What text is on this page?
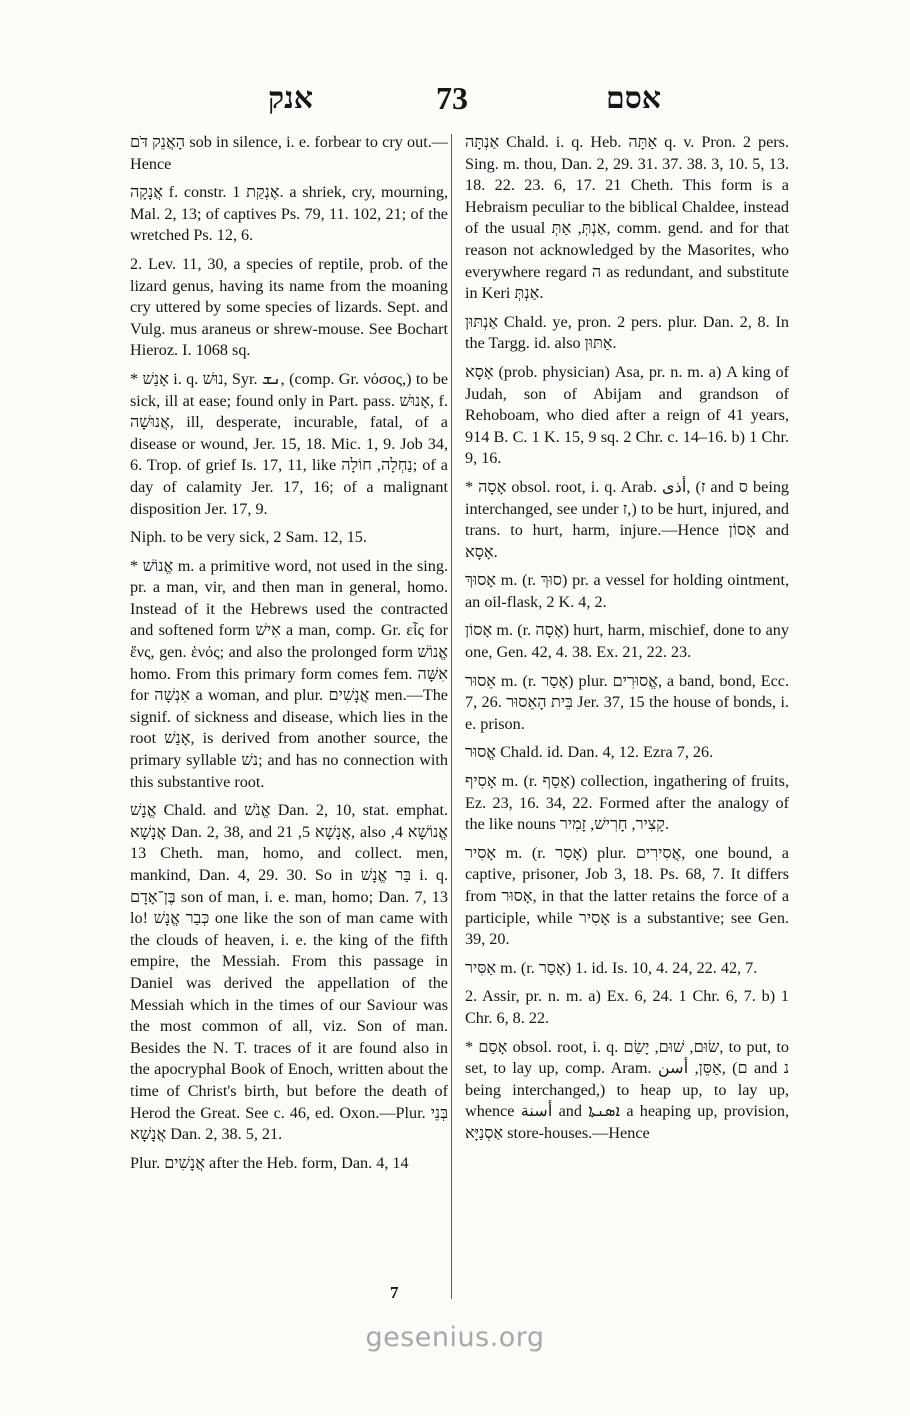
אנק	73	אסם

הָאֲנֵק דֹּם sob in silence, i. e. forbear to cry out.—Hence

אֲנָקָה f. constr. אֶנְקַת 1. a shriek, cry, mourning, Mal. 2, 13; of captives Ps. 79, 11. 102, 21; of the wretched Ps. 12, 6.

2. Lev. 11, 30, a species of reptile, prob. of the lizard genus, having its name from the moaning cry uttered by some species of lizards. Sept. and Vulg. mus araneus or shrew-mouse. See Bochart Hieroz. I. 1068 sq.

* אָנַשׁ i. q. נוּשׁ, Syr. ܢܫ, (comp. Gr. νόσος,) to be sick, ill at ease; found only in Part. pass. אָנוּשׁ, f. אֲנוּשָׁה, ill, desperate, incurable, fatal, of a disease or wound, Jer. 15, 18. Mic. 1, 9. Job 34, 6. Trop. of grief Is. 17, 11, like נַחְלָה, חוֹלָה; of a day of calamity Jer. 17, 16; of a malignant disposition Jer. 17, 9.

Niph. to be very sick, 2 Sam. 12, 15.

* אֱנוֹשׁ m. a primitive word, not used in the sing. pr. a man, vir, and then man in general, homo. Instead of it the Hebrews used the contracted and softened form אִישׁ a man, comp. Gr. εἷς for ἕνς, gen. ἑνός; and also the prolonged form אֱנוֹשׁ homo. From this primary form comes fem. אִשָּׁה for אִנְשָׁה a woman, and plur. אֲנָשִׁים men.—The signif. of sickness and disease, which lies in the root אָנַשׁ, is derived from another source, the primary syllable נשׁ; and has no connection with this substantive root.

אֱנָשׁ Chald. and אֱנֹשׁ Dan. 2, 10, stat. emphat. אֲנָשָׁא Dan. 2, 38, and אֲנָשָׁא 5, 21, also אֱנוֹשָׁא 4, 13 Cheth. man, homo, and collect. men, mankind, Dan. 4, 29. 30. So in בַּר אֱנָשׁ i. q. בֶּן־אָדָם son of man, i. e. man, homo; Dan. 7, 13 lo! כְּבַר אֱנָשׁ one like the son of man came with the clouds of heaven, i. e. the king of the fifth empire, the Messiah. From this passage in Daniel was derived the appellation of the Messiah which in the times of our Saviour was the most common of all, viz. Son of man. Besides the N. T. traces of it are found also in the apocryphal Book of Enoch, written about the time of Christ's birth, but before the death of Herod the Great. See c. 46, ed. Oxon.—Plur. בְּנֵי אֲנָשָׁא Dan. 2, 38. 5, 21.

Plur. אֲנָשִׁים after the Heb. form, Dan. 4, 14

אַנְתָּה Chald. i. q. Heb. אַתָּה q. v. Pron. 2 pers. Sing. m. thou, Dan. 2, 29. 31. 37. 38. 3, 10. 5, 13. 18. 22. 23. 6, 17. 21 Cheth. This form is a Hebraism peculiar to the biblical Chaldee, instead of the usual אַנְתְּ, אַתְּ, comm. gend. and for that reason not acknowledged by the Masorites, who everywhere regard ה as redundant, and substitute in Keri אַנְתְּ.

אַנְתּוּן Chald. ye, pron. 2 pers. plur. Dan. 2, 8. In the Targg. id. also אַתּוּן.

אָסָא (prob. physician) Asa, pr. n. m. a) A king of Judah, son of Abijam and grandson of Rehoboam, who died after a reign of 41 years, 914 B. C. 1 K. 15, 9 sq. 2 Chr. c. 14–16. b) 1 Chr. 9, 16.

* אָסָה obsol. root, i. q. Arab. أذى, (ז and ס being interchanged, see under ז,) to be hurt, injured, and trans. to hurt, harm, injure.—Hence אָסוֹן and אָסָא.

אָסוּךְ m. (r. סוּךְ) pr. a vessel for holding ointment, an oil-flask, 2 K. 4, 2.

אָסוֹן m. (r. אָסָה) hurt, harm, mischief, done to any one, Gen. 42, 4. 38. Ex. 21, 22. 23.

אֵסוּר m. (r. אָסַר) plur. אֱסוּרִים, a band, bond, Ecc. 7, 26. בֵּית הָאֵסוּר Jer. 37, 15 the house of bonds, i. e. prison.

אֱסוּר Chald. id. Dan. 4, 12. Ezra 7, 26.

אָסִיף m. (r. אָסַף) collection, ingathering of fruits, Ez. 23, 16. 34, 22. Formed after the analogy of the like nouns קָצִיר, חָרִישׁ, זָמִיר.

אָסִיר m. (r. אָסַר) plur. אֲסִירִים, one bound, a captive, prisoner, Job 3, 18. Ps. 68, 7. It differs from אָסוּר, in that the latter retains the force of a participle, while אָסִיר is a substantive; see Gen. 39, 20.

אַסִּיר m. (r. אָסַר) 1. id. Is. 10, 4. 24, 22. 42, 7.

2. Assir, pr. n. m. a) Ex. 6, 24. 1 Chr. 6, 7. b) 1 Chr. 6, 8. 22.

* אָסַם obsol. root, i. q. שׂוּם, שׁוּם, יָשַׂם, to put, to set, to lay up, comp. Aram. אַסֵּן, أسن, (ם and נ being interchanged,) to heap up, to lay up, whence أسنة and ܐܣܢܬܐ a heaping up, provision, אַסְנַיָּא store-houses.—Hence

7
gesenius.org
